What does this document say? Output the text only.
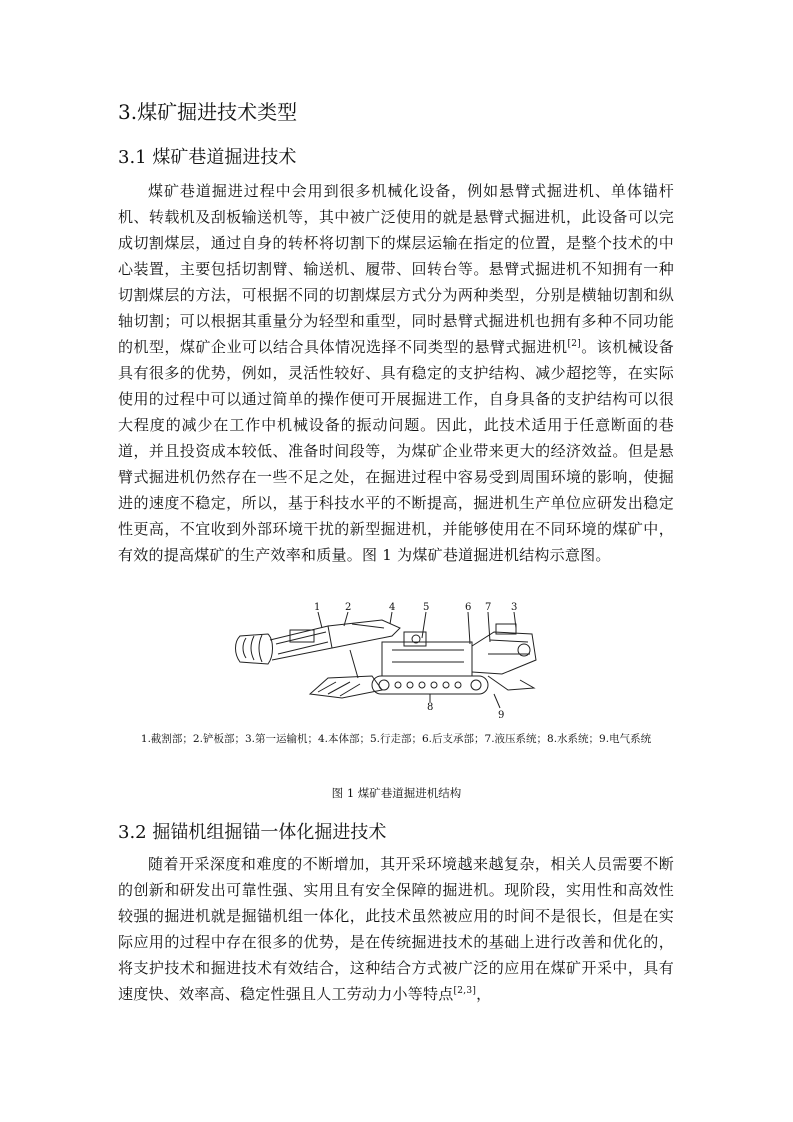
3.煤矿掘进技术类型
3.1 煤矿巷道掘进技术

煤矿巷道掘进过程中会用到很多机械化设备，例如悬臂式掘进机、单体锚杆机、转载机及刮板输送机等，其中被广泛使用的就是悬臂式掘进机，此设备可以完成切割煤层，通过自身的转杯将切割下的煤层运输在指定的位置，是整个技术的中心装置，主要包括切割臂、输送机、履带、回转台等。悬臂式掘进机不知拥有一种切割煤层的方法，可根据不同的切割煤层方式分为两种类型，分别是横轴切割和纵轴切割；可以根据其重量分为轻型和重型，同时悬臂式掘进机也拥有多种不同功能的机型，煤矿企业可以结合具体情况选择不同类型的悬臂式掘进机[2]。该机械设备具有很多的优势，例如，灵活性较好、具有稳定的支护结构、减少超挖等，在实际使用的过程中可以通过简单的操作便可开展掘进工作，自身具备的支护结构可以很大程度的减少在工作中机械设备的振动问题。因此，此技术适用于任意断面的巷道，并且投资成本较低、准备时间段等，为煤矿企业带来更大的经济效益。但是悬臂式掘进机仍然存在一些不足之处，在掘进过程中容易受到周围环境的影响，使掘进的速度不稳定，所以，基于科技水平的不断提高，掘进机生产单位应研发出稳定性更高，不宜收到外部环境干扰的新型掘进机，并能够使用在不同环境的煤矿中，有效的提高煤矿的生产效率和质量。图 1 为煤矿巷道掘进机结构示意图。

1 2	4	5	6 7 3
8
9

1.截割部；2.铲板部；3.第一运输机；4.本体部；5.行走部；6.后支承部；7.液压系统；8.水系统；9.电气系统

图 1 煤矿巷道掘进机结构

3.2 掘锚机组掘锚一体化掘进技术

随着开采深度和难度的不断增加，其开采环境越来越复杂，相关人员需要不断的创新和研发出可靠性强、实用且有安全保障的掘进机。现阶段，实用性和高效性较强的掘进机就是掘锚机组一体化，此技术虽然被应用的时间不是很长，但是在实际应用的过程中存在很多的优势，是在传统掘进技术的基础上进行改善和优化的，将支护技术和掘进技术有效结合，这种结合方式被广泛的应用在煤矿开采中，具有速度快、效率高、稳定性强且人工劳动力小等特点[2,3]，
